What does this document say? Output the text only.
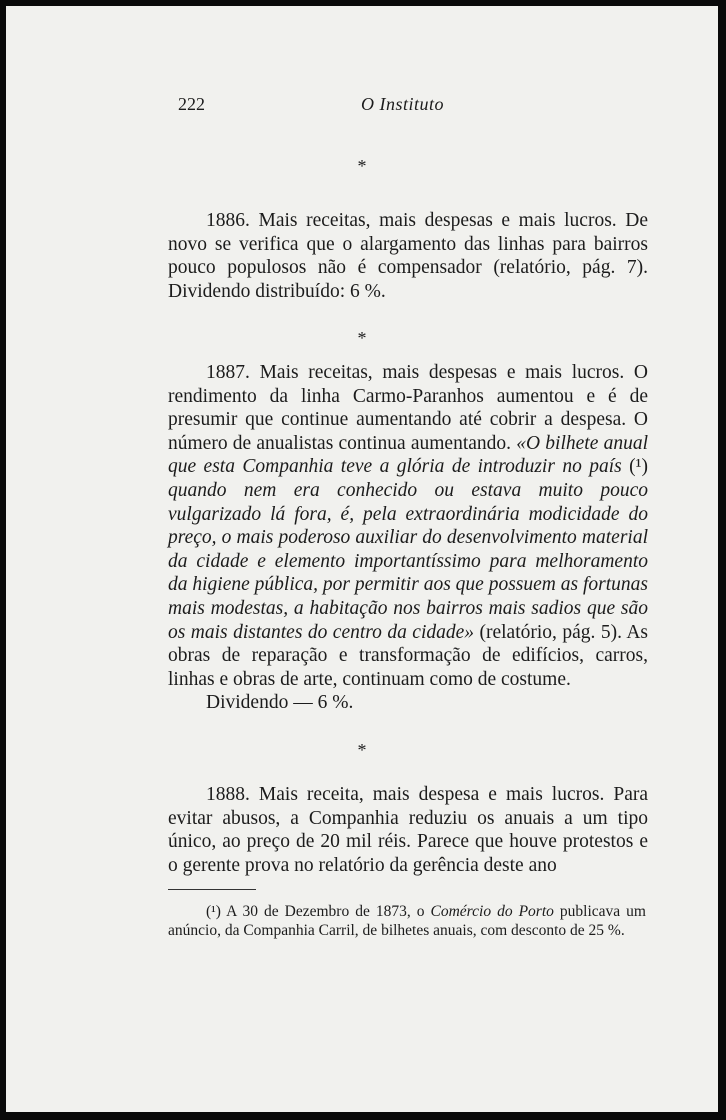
222	O Instituto
*

1886. Mais receitas, mais despesas e mais lucros. De novo se verifica que o alargamento das linhas para bairros pouco populosos não é compensador (relatório, pág. 7). Dividendo distribuído: 6 %.

*

1887. Mais receitas, mais despesas e mais lucros. O rendimento da linha Carmo-Paranhos aumentou e é de presumir que continue aumentando até cobrir a despesa. O número de anualistas continua aumentando. «O bilhete anual que esta Companhia teve a glória de introduzir no país (¹) quando nem era conhecido ou estava muito pouco vulgarizado lá fora, é, pela extraordinária modicidade do preço, o mais poderoso auxiliar do desenvolvimento material da cidade e elemento importantíssimo para melhoramento da higiene pública, por permitir aos que possuem as fortunas mais modestas, a habitação nos bairros mais sadios que são os mais distantes do centro da cidade» (relatório, pág. 5). As obras de reparação e transformação de edifícios, carros, linhas e obras de arte, continuam como de costume.

Dividendo — 6 %.

*

1888. Mais receita, mais despesa e mais lucros. Para evitar abusos, a Companhia reduziu os anuais a um tipo único, ao preço de 20 mil réis. Parece que houve protestos e o gerente prova no relatório da gerência deste ano

(¹) A 30 de Dezembro de 1873, o Comércio do Porto publicava um anúncio, da Companhia Carril, de bilhetes anuais, com desconto de 25 %.
